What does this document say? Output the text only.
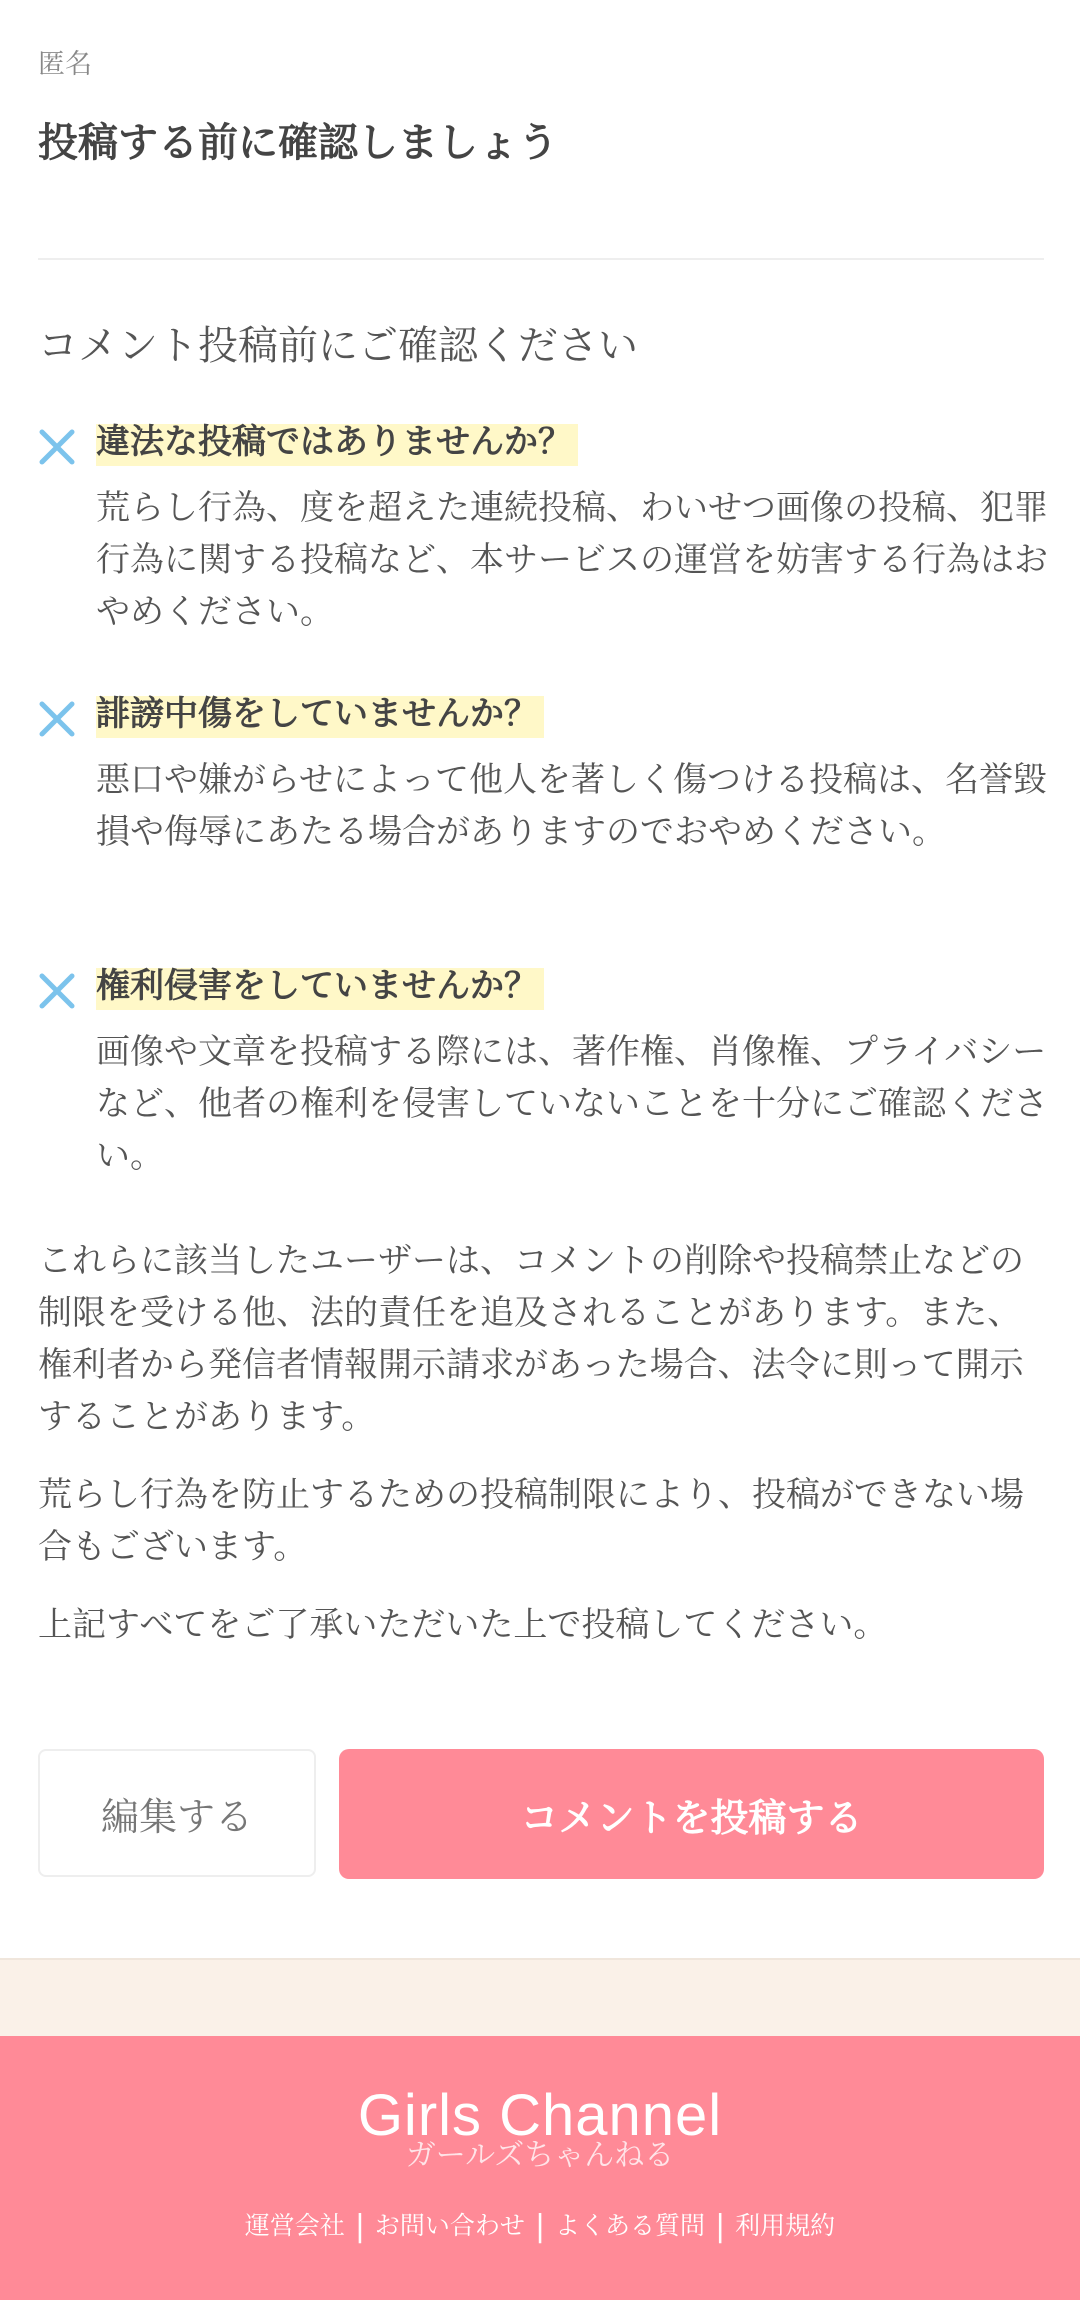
匿名
投稿する前に確認しましょう
コメント投稿前にご確認ください
違法な投稿ではありませんか？

荒らし行為、度を超えた連続投稿、わいせつ画像の投稿、犯罪行為に関する投稿など、本サービスの運営を妨害する行為はおやめください。

誹謗中傷をしていませんか？

悪口や嫌がらせによって他人を著しく傷つける投稿は、名誉毀損や侮辱にあたる場合がありますのでおやめください。

権利侵害をしていませんか？

画像や文章を投稿する際には、著作権、肖像権、プライバシーなど、他者の権利を侵害していないことを十分にご確認ください。

これらに該当したユーザーは、コメントの削除や投稿禁止などの制限を受ける他、法的責任を追及されることがあります。また、権利者から発信者情報開示請求があった場合、法令に則って開示することがあります。

荒らし行為を防止するための投稿制限により、投稿ができない場合もございます。

上記すべてをご了承いただいた上で投稿してください。

編集する	コメントを投稿する
Girls Channel
ガールズちゃんねる
運営会社 | お問い合わせ | よくある質問 | 利用規約
